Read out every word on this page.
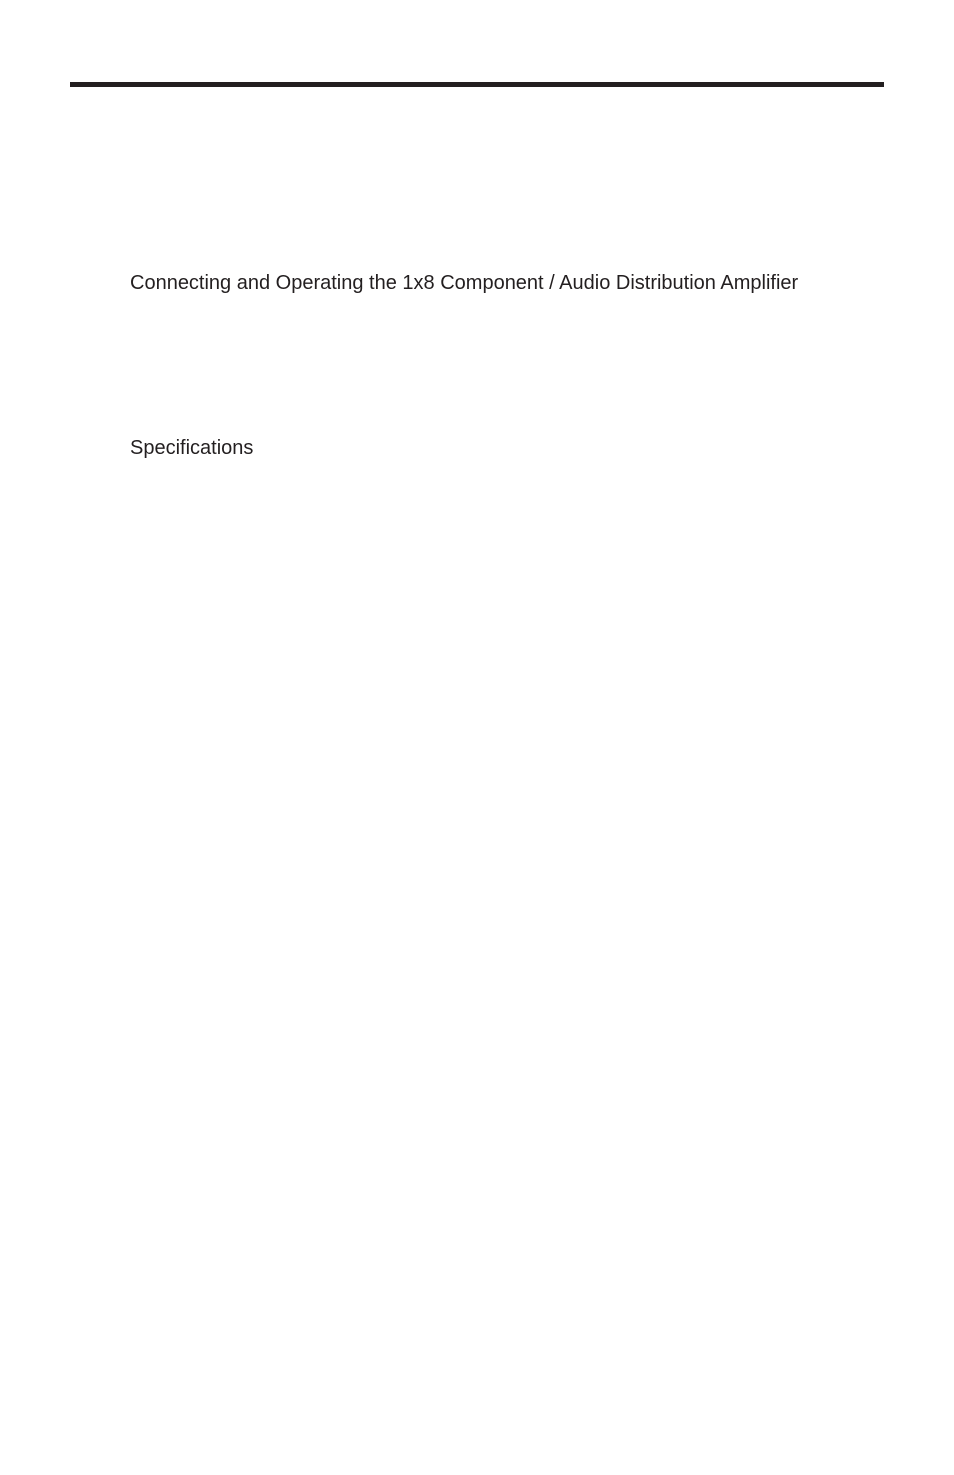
Connecting and Operating the 1x8 Component / Audio Distribution Amplifier
Specifications
